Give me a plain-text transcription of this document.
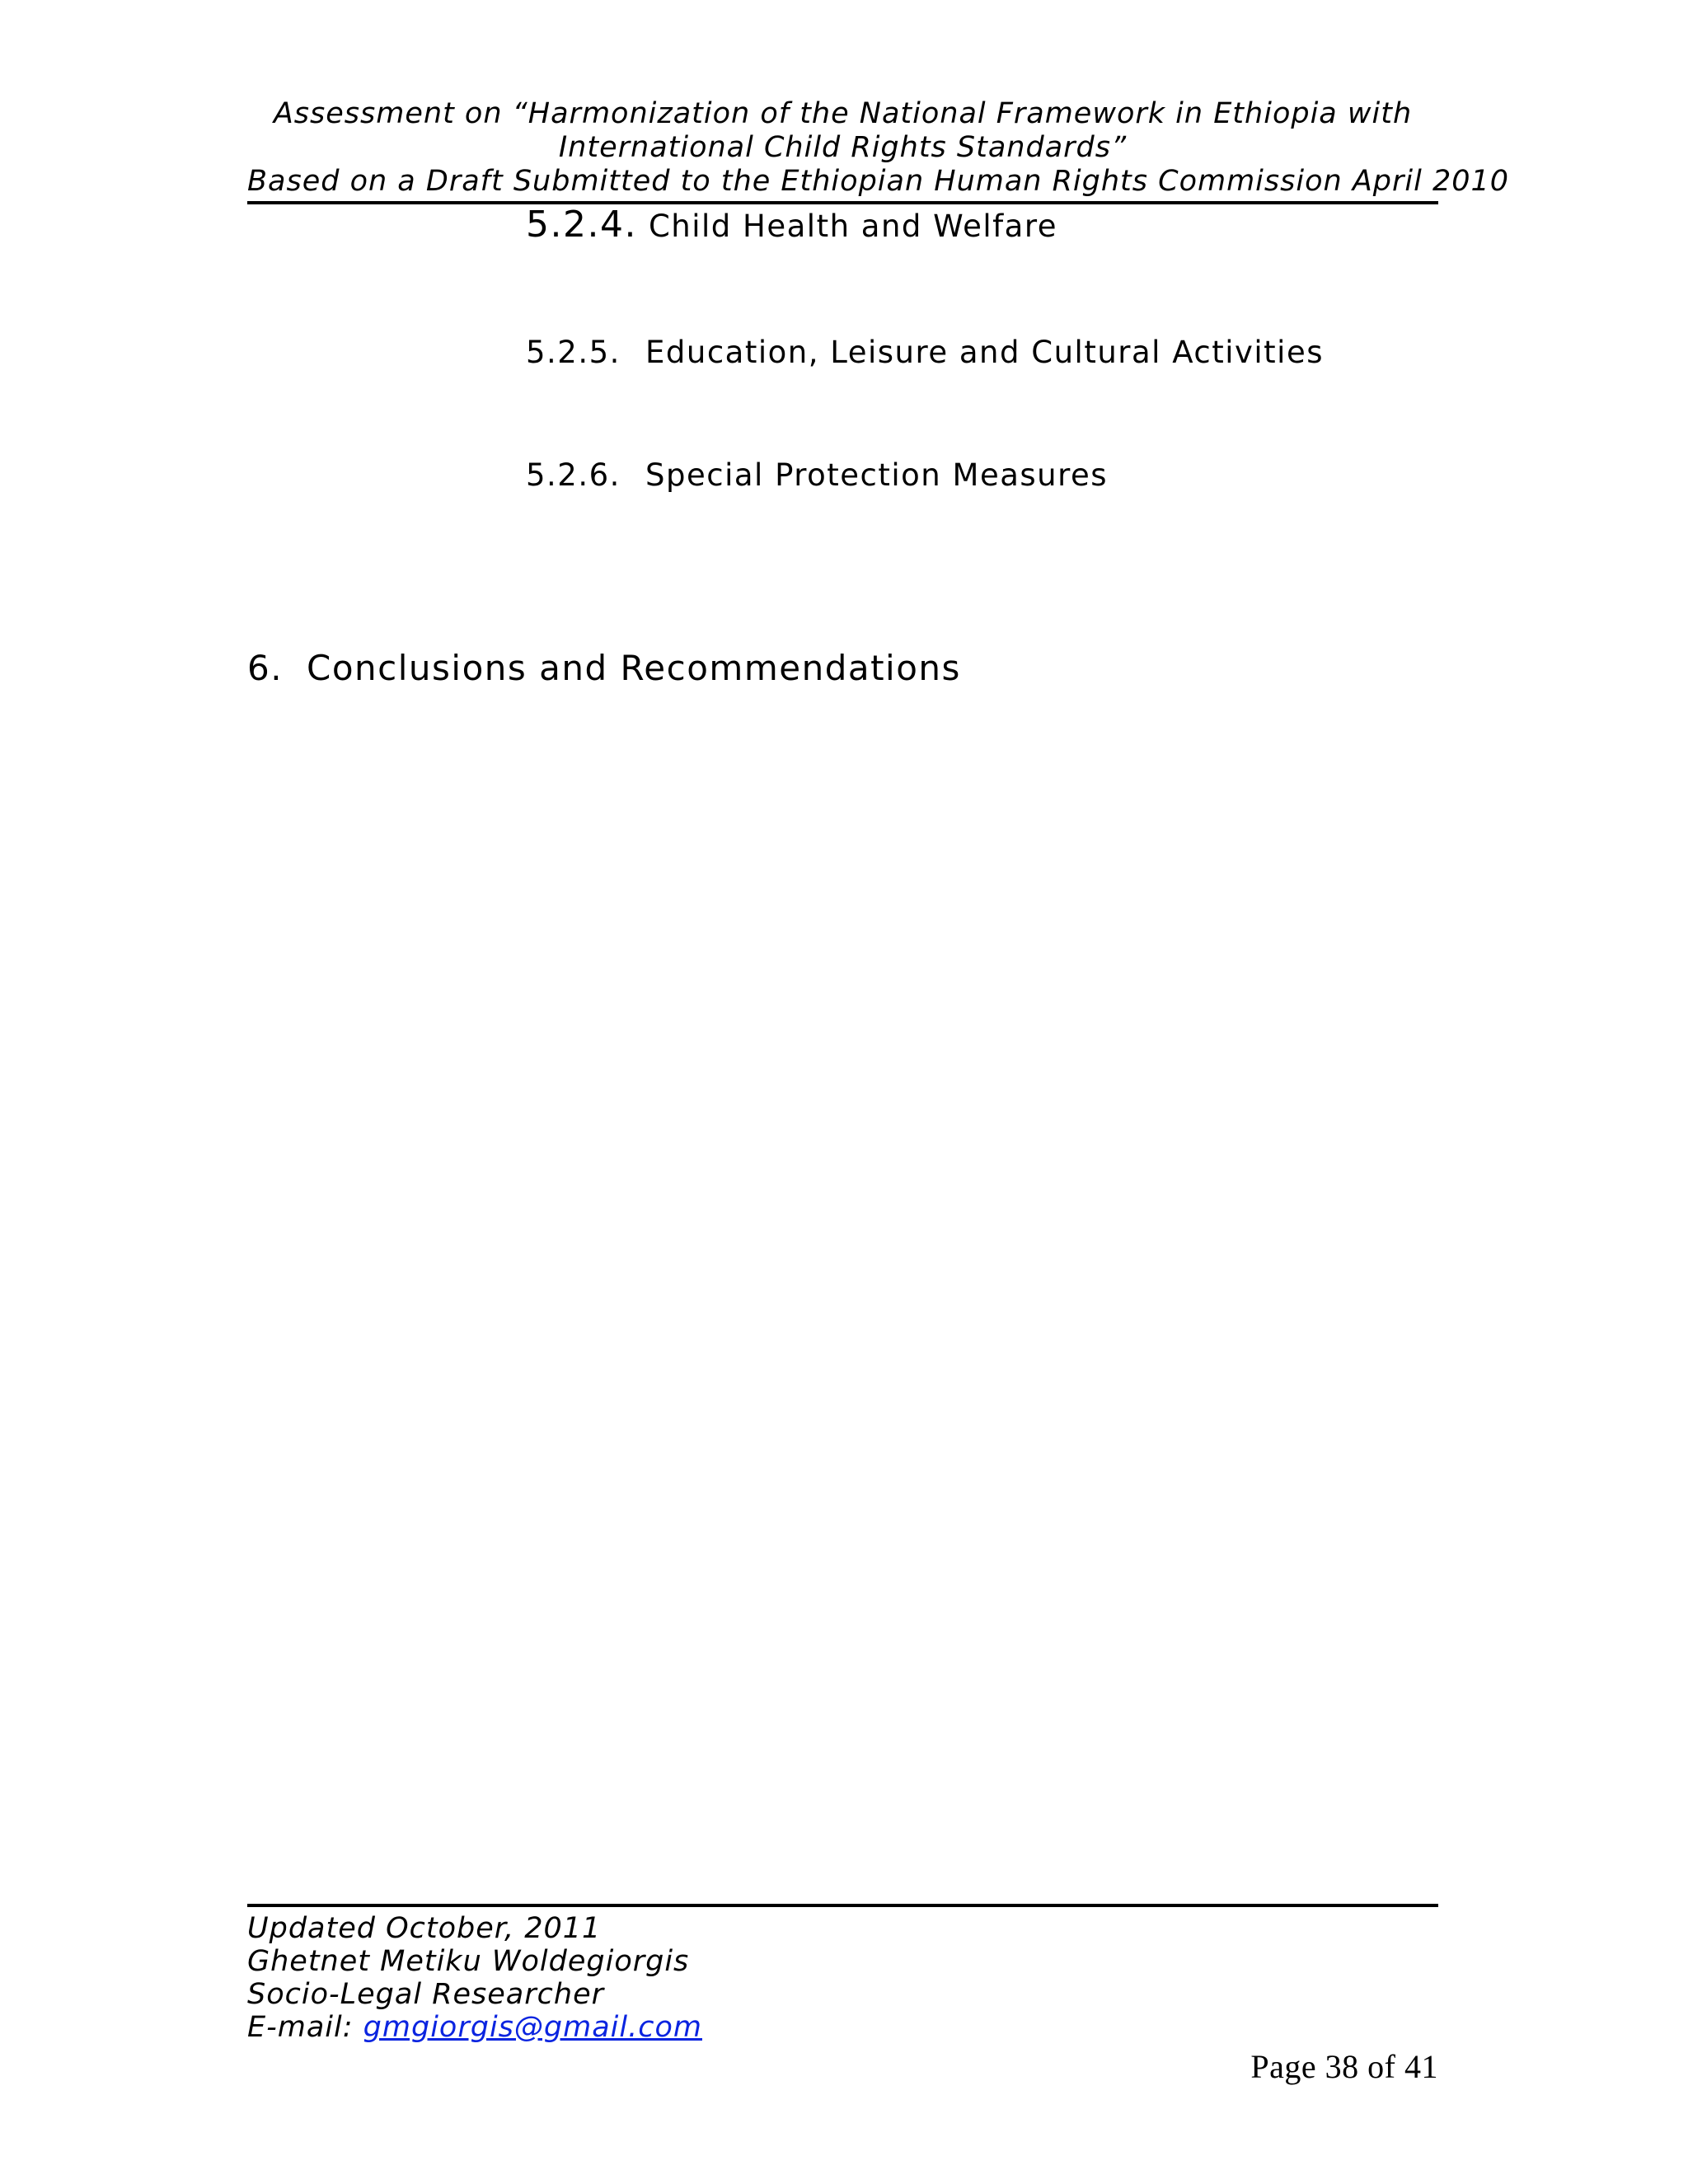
Assessment on “Harmonization of the National Framework in Ethiopia with
International Child Rights Standards”
Based on a Draft Submitted to the Ethiopian Human Rights Commission April 2010
5.2.4. Child Health and Welfare
5.2.5. Education, Leisure and Cultural Activities
5.2.6. Special Protection Measures
6. Conclusions and Recommendations
Updated October, 2011
Ghetnet Metiku Woldegiorgis
Socio-Legal Researcher
E-mail: gmgiorgis@gmail.com
Page 38 of 41
